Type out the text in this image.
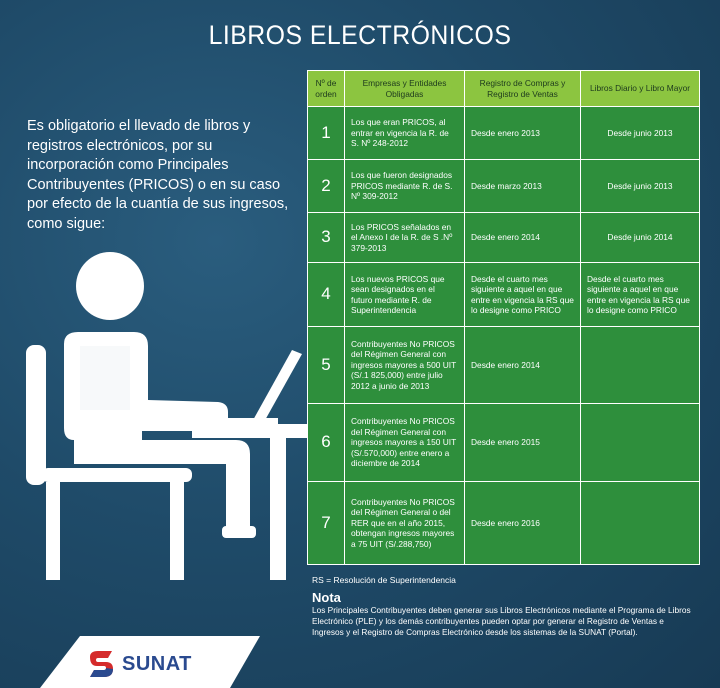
LIBROS ELECTRÓNICOS
Es obligatorio el llevado de libros y registros electrónicos, por su incorporación como Principales Contribuyentes (PRICOS) o en su caso por efecto de la cuantía de sus ingresos, como sigue:
Nº de orden	Empresas y Entidades Obligadas	Registro de Compras y Registro de Ventas	Libros Diario y Libro Mayor
1	Los que eran PRICOS, al entrar en vigencia la R. de S. Nº 248-2012	Desde enero 2013	Desde junio 2013
2	Los que fueron designados PRICOS mediante R. de S. Nº 309-2012	Desde marzo 2013	Desde junio 2013
3	Los PRICOS señalados en el Anexo I de la R. de S .Nº 379-2013	Desde enero 2014	Desde junio 2014
4	Los nuevos PRICOS que sean designados en el futuro mediante R. de Superintendencia	Desde el cuarto mes siguiente a aquel en que entre en vigencia la RS que lo designe como PRICO	Desde el cuarto mes siguiente a aquel en que entre en vigencia la RS que lo designe como PRICO
5	Contribuyentes No PRICOS del Régimen General con ingresos mayores a 500 UIT (S/.1 825,000) entre julio 2012 a junio de 2013	Desde enero 2014	
6	Contribuyentes No PRICOS del Régimen General con ingresos mayores a 150 UIT (S/.570,000) entre enero a diciembre de 2014	Desde enero 2015	
7	Contribuyentes No PRICOS del Régimen General o del RER que en el año 2015, obtengan ingresos mayores a 75 UIT (S/.288,750)	Desde enero 2016	
RS = Resolución de Superintendencia
Nota
Los Principales Contribuyentes deben generar sus Libros Electrónicos mediante el Programa de Libros Electrónico (PLE) y los demás contribuyentes pueden optar por generar el Registro de Ventas e Ingresos y el Registro de Compras Electrónico desde los sistemas de la SUNAT (Portal).
SUNAT
